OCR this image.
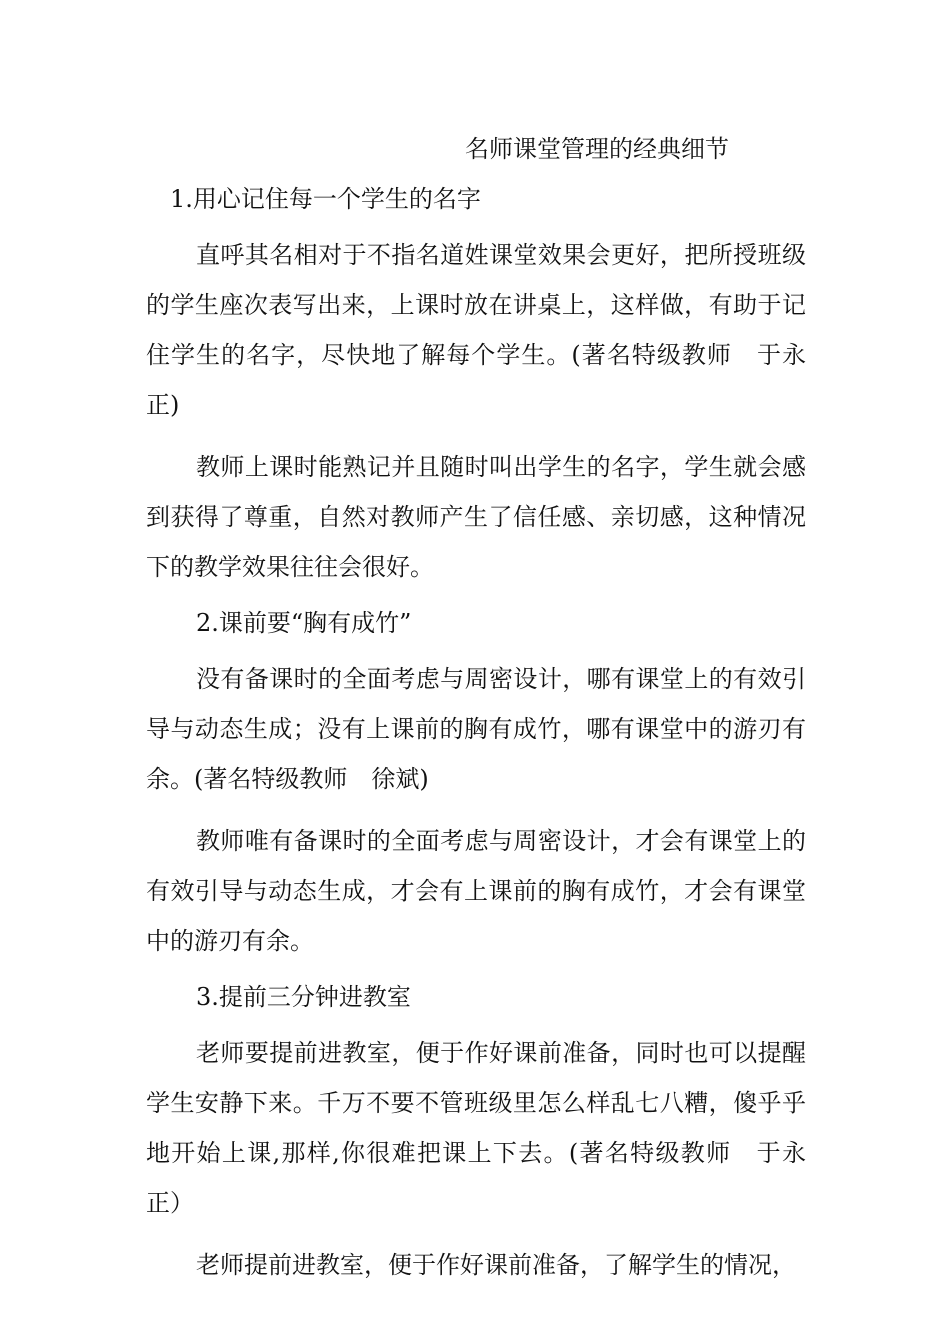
名师课堂管理的经典细节
1.用心记住每一个学生的名字

直呼其名相对于不指名道姓课堂效果会更好，把所授班级的学生座次表写出来，上课时放在讲桌上，这样做，有助于记住学生的名字，尽快地了解每个学生。(著名特级教师　于永正)

教师上课时能熟记并且随时叫出学生的名字，学生就会感到获得了尊重，自然对教师产生了信任感、亲切感，这种情况下的教学效果往往会很好。

2.课前要“胸有成竹”

没有备课时的全面考虑与周密设计，哪有课堂上的有效引导与动态生成；没有上课前的胸有成竹，哪有课堂中的游刃有余。(著名特级教师　徐斌)

教师唯有备课时的全面考虑与周密设计，才会有课堂上的有效引导与动态生成，才会有上课前的胸有成竹，才会有课堂中的游刃有余。

3.提前三分钟进教室

老师要提前进教室，便于作好课前准备，同时也可以提醒学生安静下来。千万不要不管班级里怎么样乱七八糟，傻乎乎地开始上课,那样,你很难把课上下去。(著名特级教师　于永正）

老师提前进教室，便于作好课前准备，了解学生的情况，
